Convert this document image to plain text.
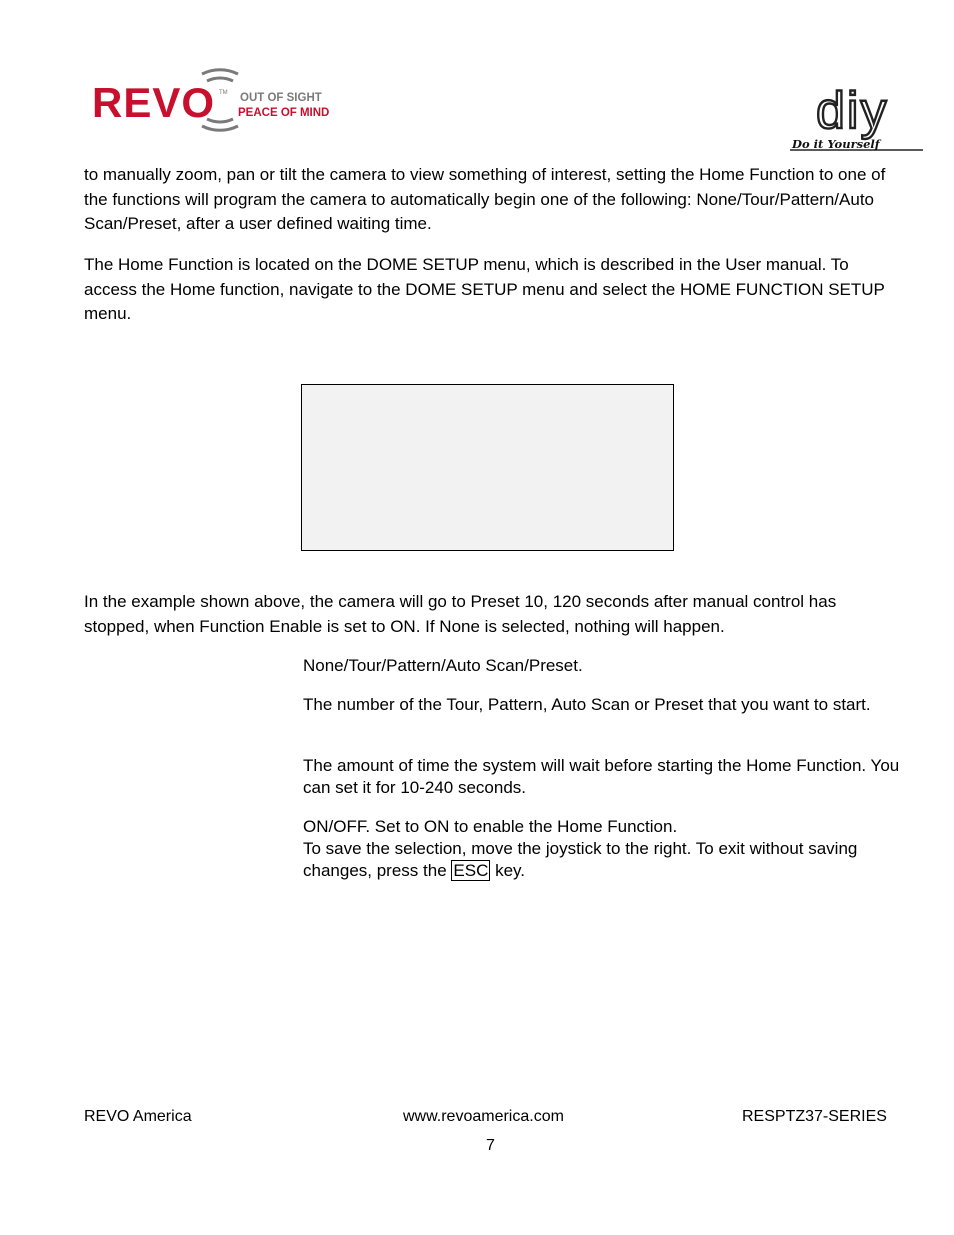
REVO TM OUT OF SIGHT
PEACE OF MIND	diy
Do it Yourself

to manually zoom, pan or tilt the camera to view something of interest, setting the Home Function to one of the functions will program the camera to automatically begin one of the following: None/Tour/Pattern/Auto Scan/Preset, after a user defined waiting time.

The Home Function is located on the DOME SETUP menu, which is described in the User manual. To access the Home function, navigate to the DOME SETUP menu and select the HOME FUNCTION SETUP menu.

In the example shown above, the camera will go to Preset 10, 120 seconds after manual control has stopped, when Function Enable is set to ON. If None is selected, nothing will happen.

None/Tour/Pattern/Auto Scan/Preset.

The number of the Tour, Pattern, Auto Scan or Preset that you want to start.

The amount of time the system will wait before starting the Home Function. You can set it for 10-240 seconds.

ON/OFF. Set to ON to enable the Home Function.

To save the selection, move the joystick to the right. To exit without saving changes, press the ESC key.

REVO America	www.revoamerica.com	RESPTZ37-SERIES
7
